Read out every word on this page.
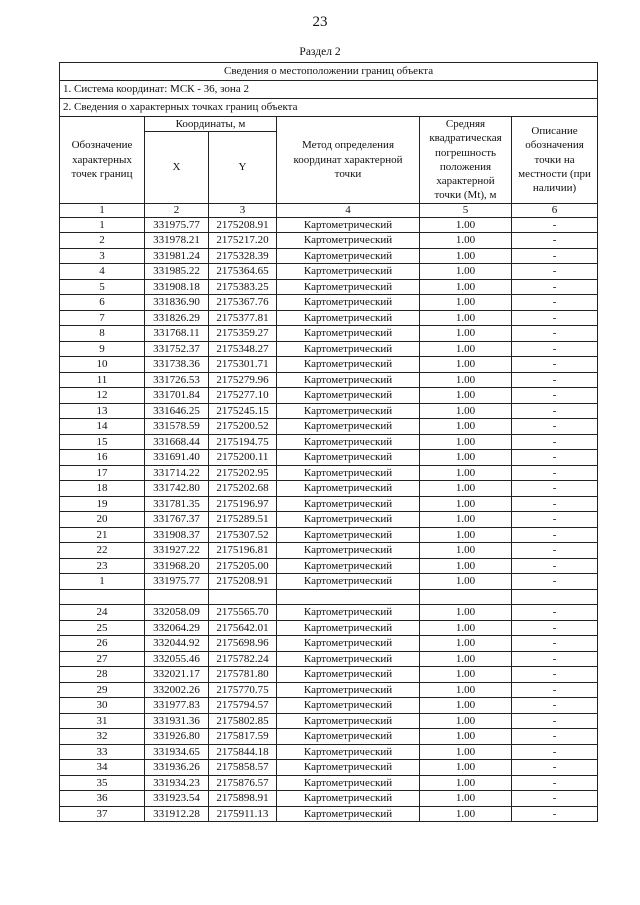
23
Раздел 2
Сведения о местоположении границ объекта					
1. Система координат: МСК - 36, зона 2					
2. Сведения о характерных точках границ объекта					
Обозначение характерных точек границ	Координаты, м		Метод определения координат характерной точки	Средняя квадратическая погрешность положения характерной точки (Mt), м	Описание обозначения точки на местности (при наличии)
	X	Y			
1	2	3	4	5	6
1	331975.77	2175208.91	Картометрический	1.00	-
2	331978.21	2175217.20	Картометрический	1.00	-
3	331981.24	2175328.39	Картометрический	1.00	-
4	331985.22	2175364.65	Картометрический	1.00	-
5	331908.18	2175383.25	Картометрический	1.00	-
6	331836.90	2175367.76	Картометрический	1.00	-
7	331826.29	2175377.81	Картометрический	1.00	-
8	331768.11	2175359.27	Картометрический	1.00	-
9	331752.37	2175348.27	Картометрический	1.00	-
10	331738.36	2175301.71	Картометрический	1.00	-
11	331726.53	2175279.96	Картометрический	1.00	-
12	331701.84	2175277.10	Картометрический	1.00	-
13	331646.25	2175245.15	Картометрический	1.00	-
14	331578.59	2175200.52	Картометрический	1.00	-
15	331668.44	2175194.75	Картометрический	1.00	-
16	331691.40	2175200.11	Картометрический	1.00	-
17	331714.22	2175202.95	Картометрический	1.00	-
18	331742.80	2175202.68	Картометрический	1.00	-
19	331781.35	2175196.97	Картометрический	1.00	-
20	331767.37	2175289.51	Картометрический	1.00	-
21	331908.37	2175307.52	Картометрический	1.00	-
22	331927.22	2175196.81	Картометрический	1.00	-
23	331968.20	2175205.00	Картометрический	1.00	-
1	331975.77	2175208.91	Картометрический	1.00	-

24	332058.09	2175565.70	Картометрический	1.00	-
25	332064.29	2175642.01	Картометрический	1.00	-
26	332044.92	2175698.96	Картометрический	1.00	-
27	332055.46	2175782.24	Картометрический	1.00	-
28	332021.17	2175781.80	Картометрический	1.00	-
29	332002.26	2175770.75	Картометрический	1.00	-
30	331977.83	2175794.57	Картометрический	1.00	-
31	331931.36	2175802.85	Картометрический	1.00	-
32	331926.80	2175817.59	Картометрический	1.00	-
33	331934.65	2175844.18	Картометрический	1.00	-
34	331936.26	2175858.57	Картометрический	1.00	-
35	331934.23	2175876.57	Картометрический	1.00	-
36	331923.54	2175898.91	Картометрический	1.00	-
37	331912.28	2175911.13	Картометрический	1.00	-
